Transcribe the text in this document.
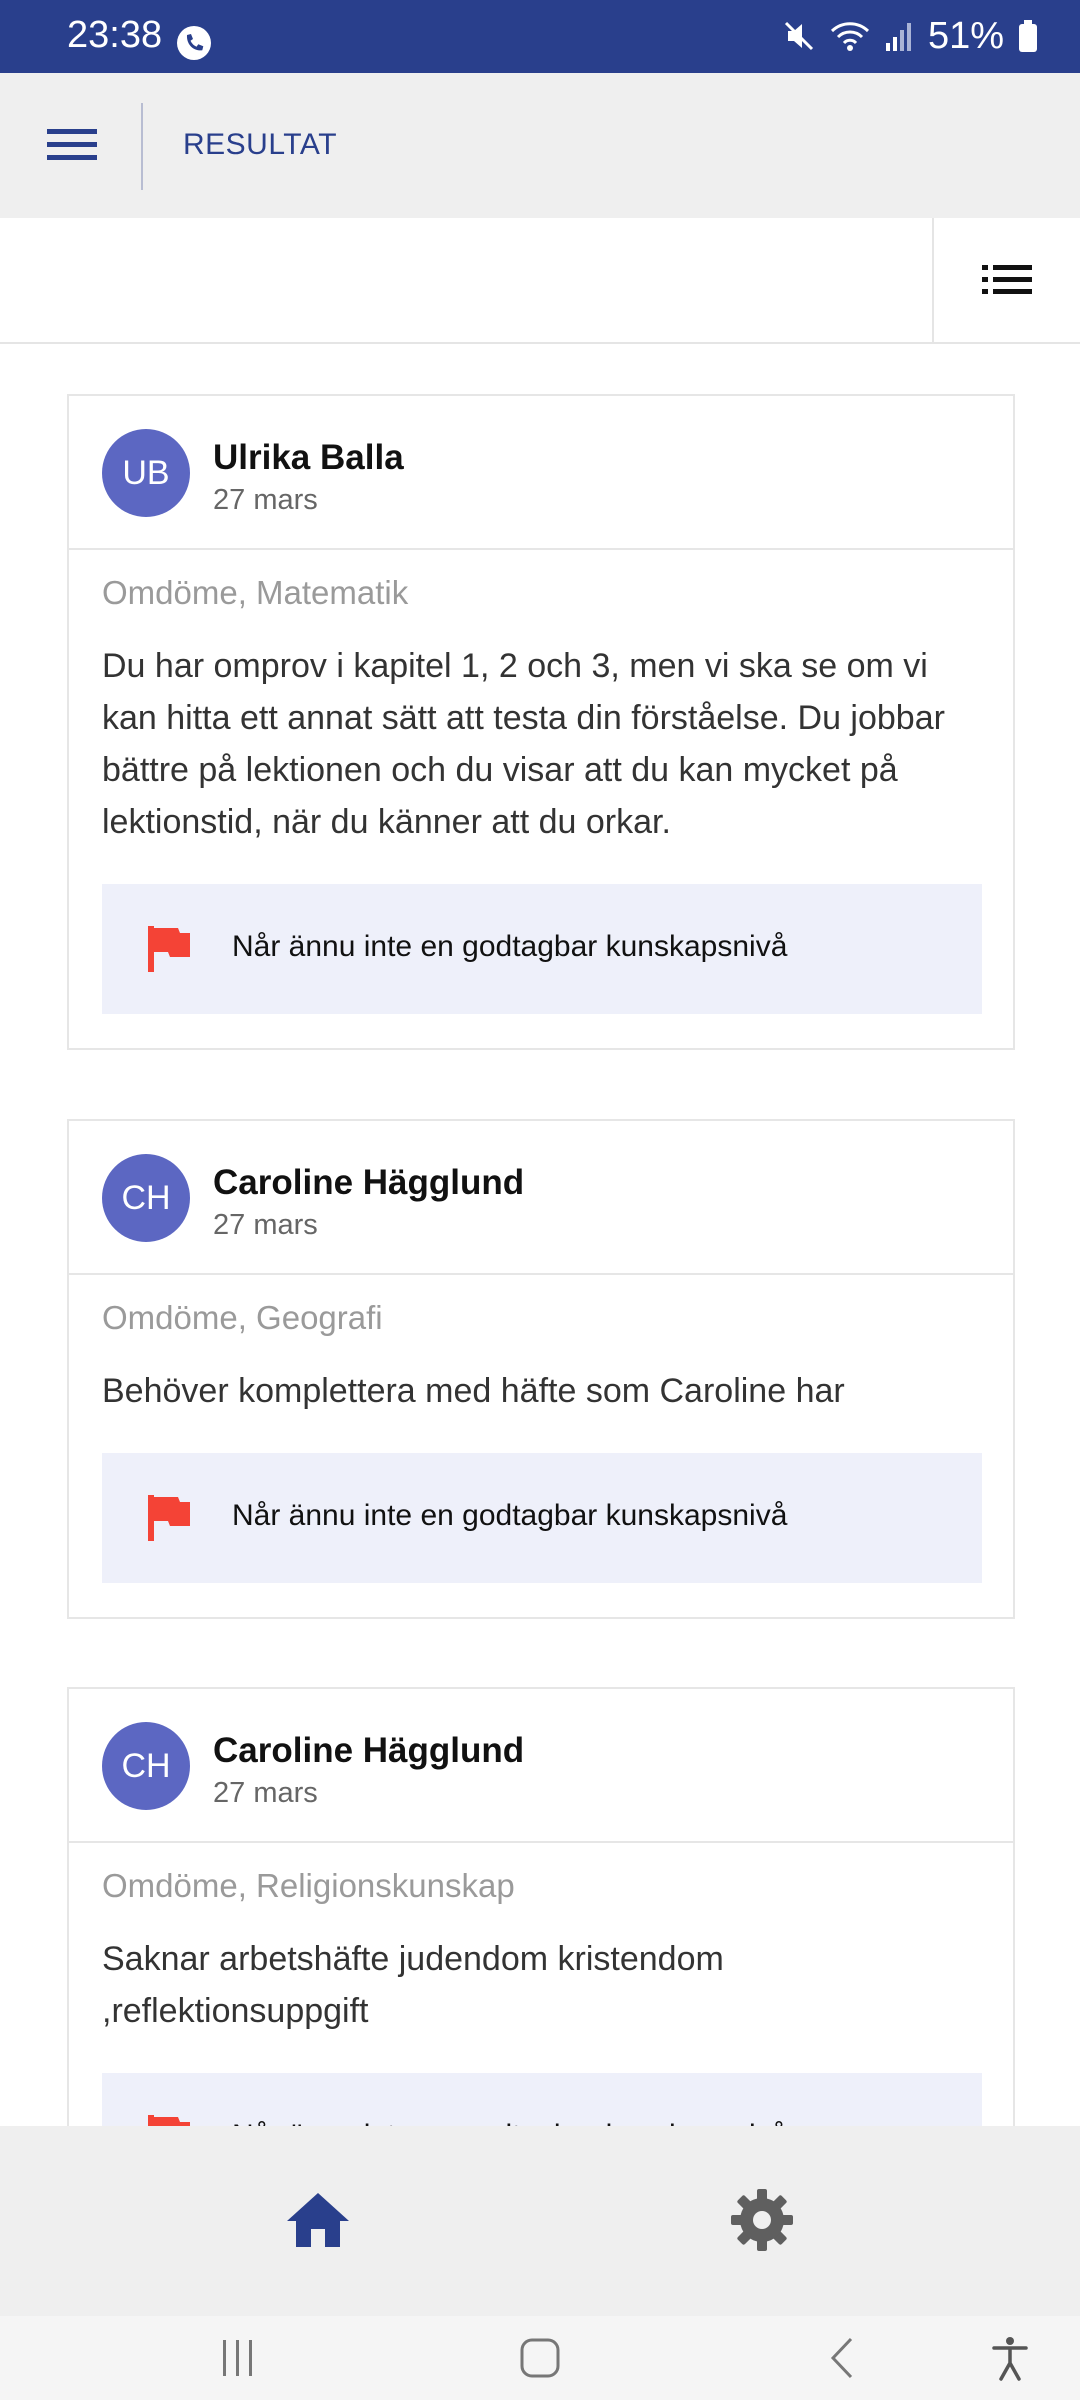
23:38	51%
RESULTAT
UB	Ulrika Balla
27 mars
Omdöme, Matematik
Du har omprov i kapitel 1, 2 och 3, men vi ska se om vi kan hitta ett annat sätt att testa din förståelse. Du jobbar bättre på lektionen och du visar att du kan mycket på lektionstid, när du känner att du orkar.
Når ännu inte en godtagbar kunskapsnivå
CH	Caroline Hägglund
27 mars
Omdöme, Geografi
Behöver komplettera med häfte som Caroline har
Når ännu inte en godtagbar kunskapsnivå
CH	Caroline Hägglund
27 mars
Omdöme, Religionskunskap
Saknar arbetshäfte judendom kristendom ,reflektionsuppgift
